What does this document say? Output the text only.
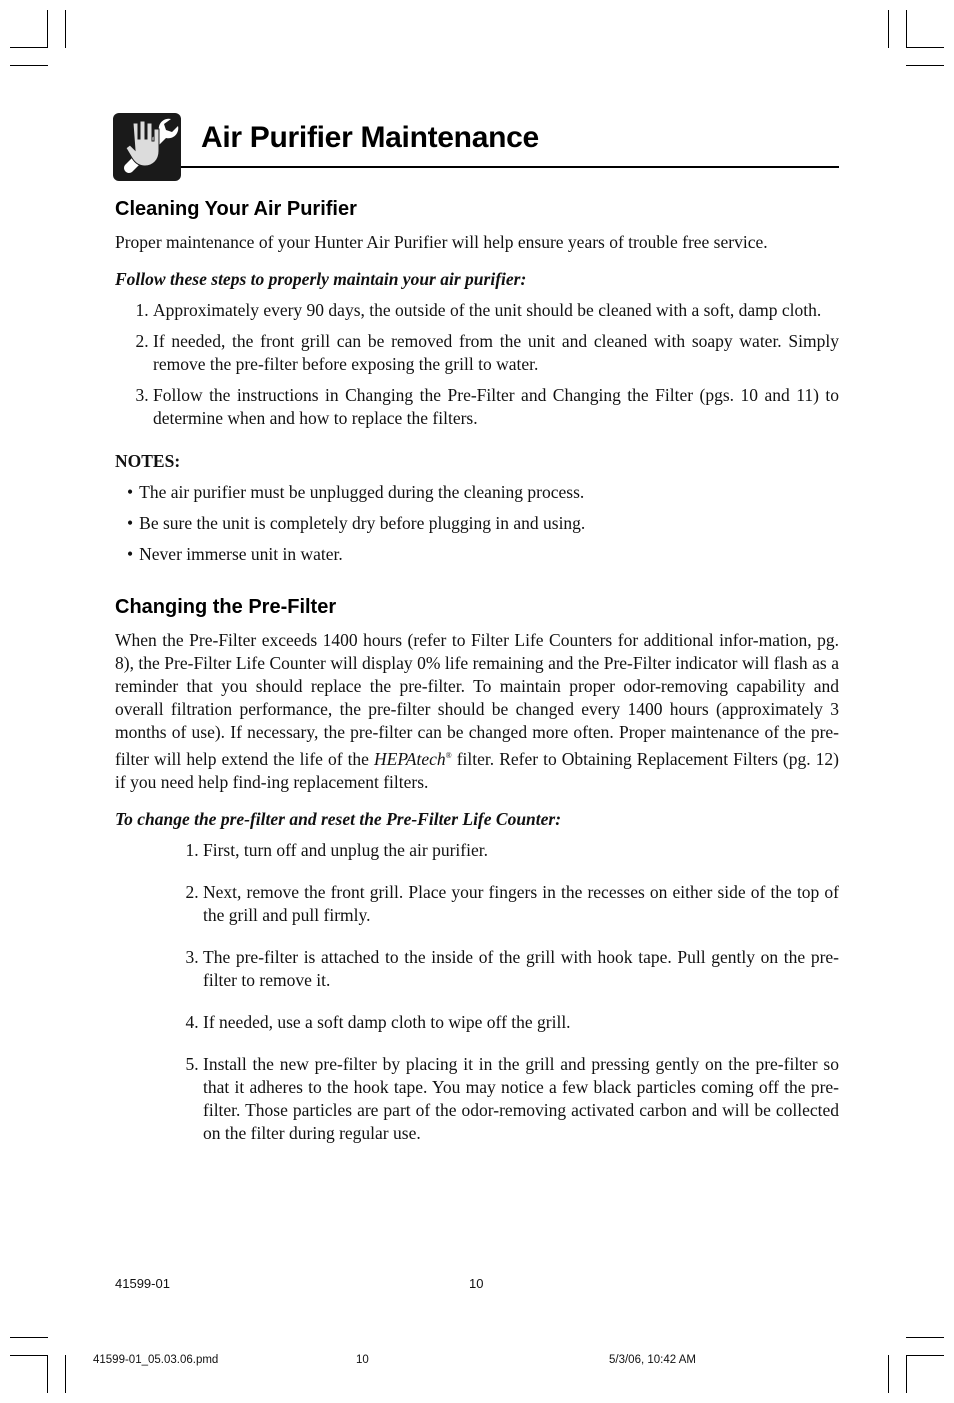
Air Purifier Maintenance
Cleaning Your Air Purifier

Proper maintenance of your Hunter Air Purifier will help ensure years of trouble free service.

Follow these steps to properly maintain your air purifier:

1. Approximately every 90 days, the outside of the unit should be cleaned with a soft, damp cloth.
2. If needed, the front grill can be removed from the unit and cleaned with soapy water. Simply remove the pre-filter before exposing the grill to water.
3. Follow the instructions in Changing the Pre-Filter and Changing the Filter (pgs. 10 and 11) to determine when and how to replace the filters.
NOTES:
• The air purifier must be unplugged during the cleaning process.
• Be sure the unit is completely dry before plugging in and using.
• Never immerse unit in water.
Changing the Pre-Filter

When the Pre-Filter exceeds 1400 hours (refer to Filter Life Counters for additional infor-mation, pg. 8), the Pre-Filter Life Counter will display 0% life remaining and the Pre-Filter indicator will flash as a reminder that you should replace the pre-filter. To maintain proper odor-removing capability and overall filtration performance, the pre-filter should be changed every 1400 hours (approximately 3 months of use). If necessary, the pre-filter can be changed more often. Proper maintenance of the pre-filter will help extend the life of the HEPAtech® filter. Refer to Obtaining Replacement Filters (pg. 12) if you need help find-ing replacement filters.

To change the pre-filter and reset the Pre-Filter Life Counter:

1. First, turn off and unplug the air purifier.
2. Next, remove the front grill. Place your fingers in the recesses on either side of the top of the grill and pull firmly.
3. The pre-filter is attached to the inside of the grill with hook tape. Pull gently on the pre-filter to remove it.
4. If needed, use a soft damp cloth to wipe off the grill.
5. Install the new pre-filter by placing it in the grill and pressing gently on the pre-filter so that it adheres to the hook tape. You may notice a few black particles coming off the pre-filter. Those particles are part of the odor-removing activated carbon and will be collected on the filter during regular use.
41599-01	10
41599-01_05.03.06.pmd	10	5/3/06, 10:42 AM
